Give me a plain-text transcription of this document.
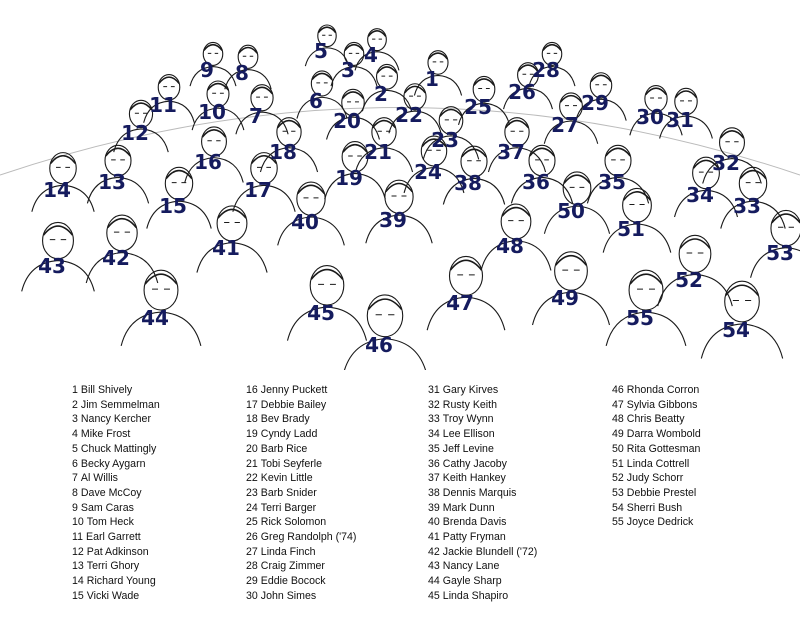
1
2
3
4
5
6
7
8
9
10
11
12
13
14
15
16
17
18
19
20
21
22
23
24
25
26
27
28
29
30 31
32
33
34
35
36
37
38
39
40
41
42
43
44	45
46
47
48
49
50
51
52
53
54
55
1 Bill Shively
2 Jim Semmelman
3 Nancy Kercher
4 Mike Frost
5 Chuck Mattingly
6 Becky Aygarn
7 Al Willis
8 Dave McCoy
9 Sam Caras
10 Tom Heck
11 Earl Garrett
12 Pat Adkinson
13 Terri Ghory
14 Richard Young
15 Vicki Wade
16 Jenny Puckett
17 Debbie Bailey
18 Bev Brady
19 Cyndy Ladd
20 Barb Rice
21 Tobi Seyferle
22 Kevin Little
23 Barb Snider
24 Terri Barger
25 Rick Solomon
26 Greg Randolph ('74)
27 Linda Finch
28 Craig Zimmer
29 Eddie Bocock
30 John Simes
31 Gary Kirves
32 Rusty Keith
33 Troy Wynn
34 Lee Ellison
35 Jeff Levine
36 Cathy Jacoby
37 Keith Hankey
38 Dennis Marquis
39 Mark Dunn
40 Brenda Davis
41 Patty Fryman
42 Jackie Blundell ('72)
43 Nancy Lane
44 Gayle Sharp
45 Linda Shapiro
46 Rhonda Corron
47 Sylvia Gibbons
48 Chris Beatty
49 Darra Wombold
50 Rita Gottesman
51 Linda Cottrell
52 Judy Schorr
53 Debbie Prestel
54 Sherri Bush
55 Joyce Dedrick
